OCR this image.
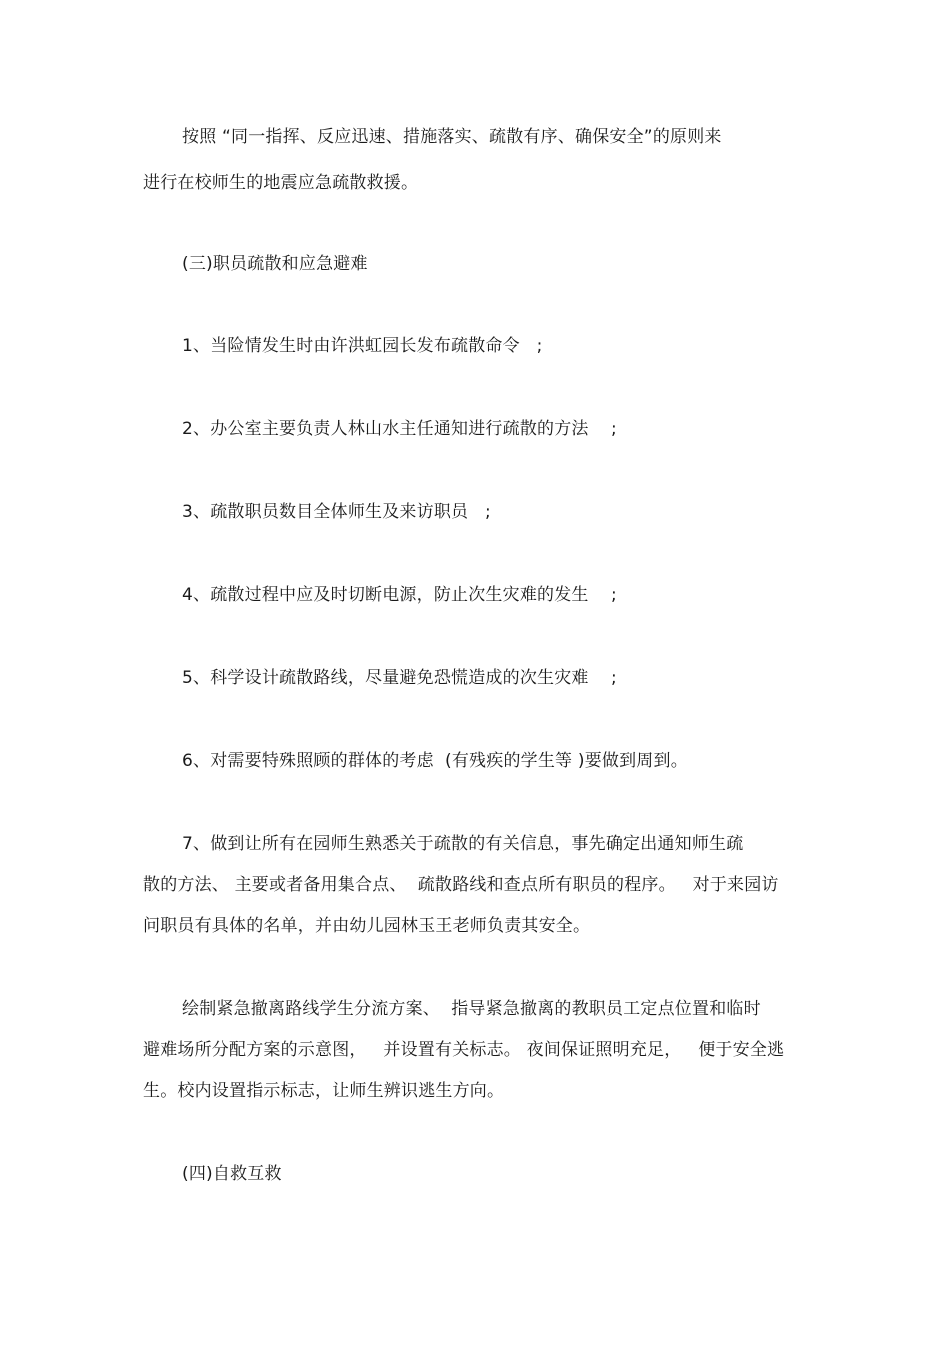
按照 “同一指挥、反应迅速、措施落实、疏散有序、确保安全”的原则来
进行在校师生的地震应急疏散救援。
(三)职员疏散和应急避难
1、当险情发生时由许洪虹园长发布疏散命令   ;
2、办公室主要负责人林山水主任通知进行疏散的方法    ;
3、疏散职员数目全体师生及来访职员   ;
4、疏散过程中应及时切断电源，防止次生灾难的发生    ;
5、科学设计疏散路线，尽量避免恐慌造成的次生灾难    ;
6、对需要特殊照顾的群体的考虑  (有残疾的学生等 )要做到周到。
7、做到让所有在园师生熟悉关于疏散的有关信息，事先确定出通知师生疏
散的方法、 主要或者备用集合点、  疏散路线和查点所有职员的程序。   对于来园访
问职员有具体的名单，并由幼儿园林玉王老师负责其安全。
绘制紧急撤离路线学生分流方案、  指导紧急撤离的教职员工定点位置和临时
避难场所分配方案的示意图，   并设置有关标志。 夜间保证照明充足，   便于安全逃
生。校内设置指示标志，让师生辨识逃生方向。
(四)自救互救
